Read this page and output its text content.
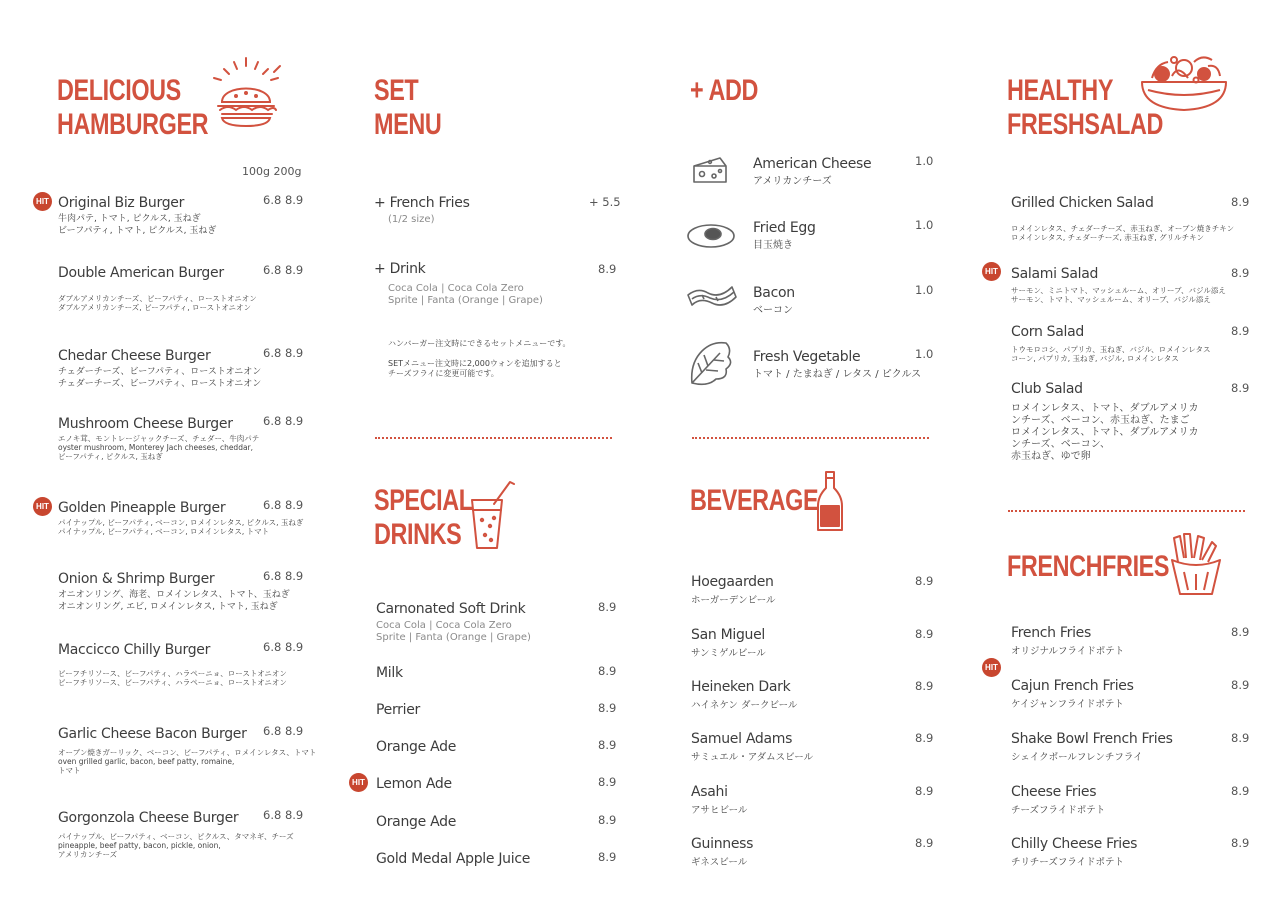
DELICIOUS
HAMBURGER
100g 200g
Original Biz Burger	6.8 8.9
牛肉パテ, トマト, ピクルス, 玉ねぎ
ビーフパティ, トマト, ピクルス, 玉ねぎ
HIT
Double American Burger	6.8 8.9
ダブルアメリカンチーズ、ビーフパティ、ローストオニオン
ダブルアメリカンチーズ, ビーフパティ, ローストオニオン
Chedar Cheese Burger	6.8 8.9
チェダーチーズ、ビーフパティ、ローストオニオン
チェダーチーズ、ビーフパティ、ローストオニオン
Mushroom Cheese Burger	6.8 8.9
エノキ茸、モントレージャックチーズ、チェダー、牛肉パテ
oyster mushroom, Monterey Jach cheeses, cheddar,
ビーフパティ, ピクルス, 玉ねぎ
Golden Pineapple Burger	6.8 8.9
パイナップル, ビーフパティ, ベーコン, ロメインレタス, ピクルス, 玉ねぎ
パイナップル, ビーフパティ, ベーコン, ロメインレタス, トマト
HIT
Onion & Shrimp Burger	6.8 8.9
オニオンリング、海老、ロメインレタス、トマト、玉ねぎ
オニオンリング, エビ, ロメインレタス, トマト, 玉ねぎ
Maccicco Chilly Burger	6.8 8.9
ビーフチリソース、ビーフパティ、ハラペーニョ、ローストオニオン
ビーフチリソース、ビーフパティ、ハラペーニョ、ローストオニオン
Garlic Cheese Bacon Burger 6.8 8.9
オーブン焼きガーリック、ベーコン、ビーフパティ、ロメインレタス、トマト
oven grilled garlic, bacon, beef patty, romaine,
トマト
Gorgonzola Cheese Burger 6.8 8.9
パイナップル、ビーフパティ、ベーコン、ピクルス、タマネギ、チーズ
pineapple, beef patty, bacon, pickle, onion,
アメリカンチーズ
SET
MENU
+ French Fries	+ 5.5
(1/2 size)
+ Drink	8.9
Coca Cola | Coca Cola Zero
Sprite | Fanta (Orange | Grape)
ハンバーガー注文時にできるセットメニューです。
SETメニュー注文時に2,000ウォンを追加すると
チーズフライに変更可能です。
SPECIAL
DRINKS
Carnonated Soft Drink	8.9
Coca Cola | Coca Cola Zero
Sprite | Fanta (Orange | Grape)
Milk	8.9
Perrier	8.9
Orange Ade	8.9
Lemon Ade	8.9
HIT
Orange Ade	8.9
Gold Medal Apple Juice	8.9
+ ADD
American Cheese	1.0
アメリカンチーズ
Fried Egg	1.0
目玉焼き
Bacon	1.0
ベーコン
Fresh Vegetable	1.0
トマト / たまねぎ / レタス / ピクルス
BEVERAGE
Hoegaarden	8.9
ホーガーデンビール
San Miguel	8.9
サンミゲルビール
Heineken Dark	8.9
ハイネケン ダークビール
Samuel Adams	8.9
サミュエル・アダムスビール
Asahi	8.9
アサヒビール
Guinness	8.9
ギネスビール
HEALTHY
FRESHSALAD
Grilled Chicken Salad	8.9
ロメインレタス、チェダーチーズ、赤玉ねぎ、オーブン焼きチキン
ロメインレタス, チェダーチーズ, 赤玉ねぎ, グリルチキン
Salami Salad	8.9
サーモン、ミニトマト、マッシュルーム、オリーブ、バジル添え
サーモン、トマト、マッシュルーム、オリーブ、バジル添え
HIT
Corn Salad	8.9
トウモロコシ、パプリカ、玉ねぎ、バジル、ロメインレタス
コーン, パプリカ, 玉ねぎ, バジル, ロメインレタス
Club Salad	8.9
ロメインレタス、トマト、ダブルアメリカ
ンチーズ、ベーコン、赤玉ねぎ、たまご
ロメインレタス、トマト、ダブルアメリカ
ンチーズ、ベーコン、
赤玉ねぎ、ゆで卵
FRENCHFRIES
French Fries	8.9
オリジナルフライドポテト
Cajun French Fries	8.9
ケイジャンフライドポテト
HIT
Shake Bowl French Fries	8.9
シェイクボールフレンチフライ
Cheese Fries	8.9
チーズフライドポテト
Chilly Cheese Fries	8.9
チリチーズフライドポテト
